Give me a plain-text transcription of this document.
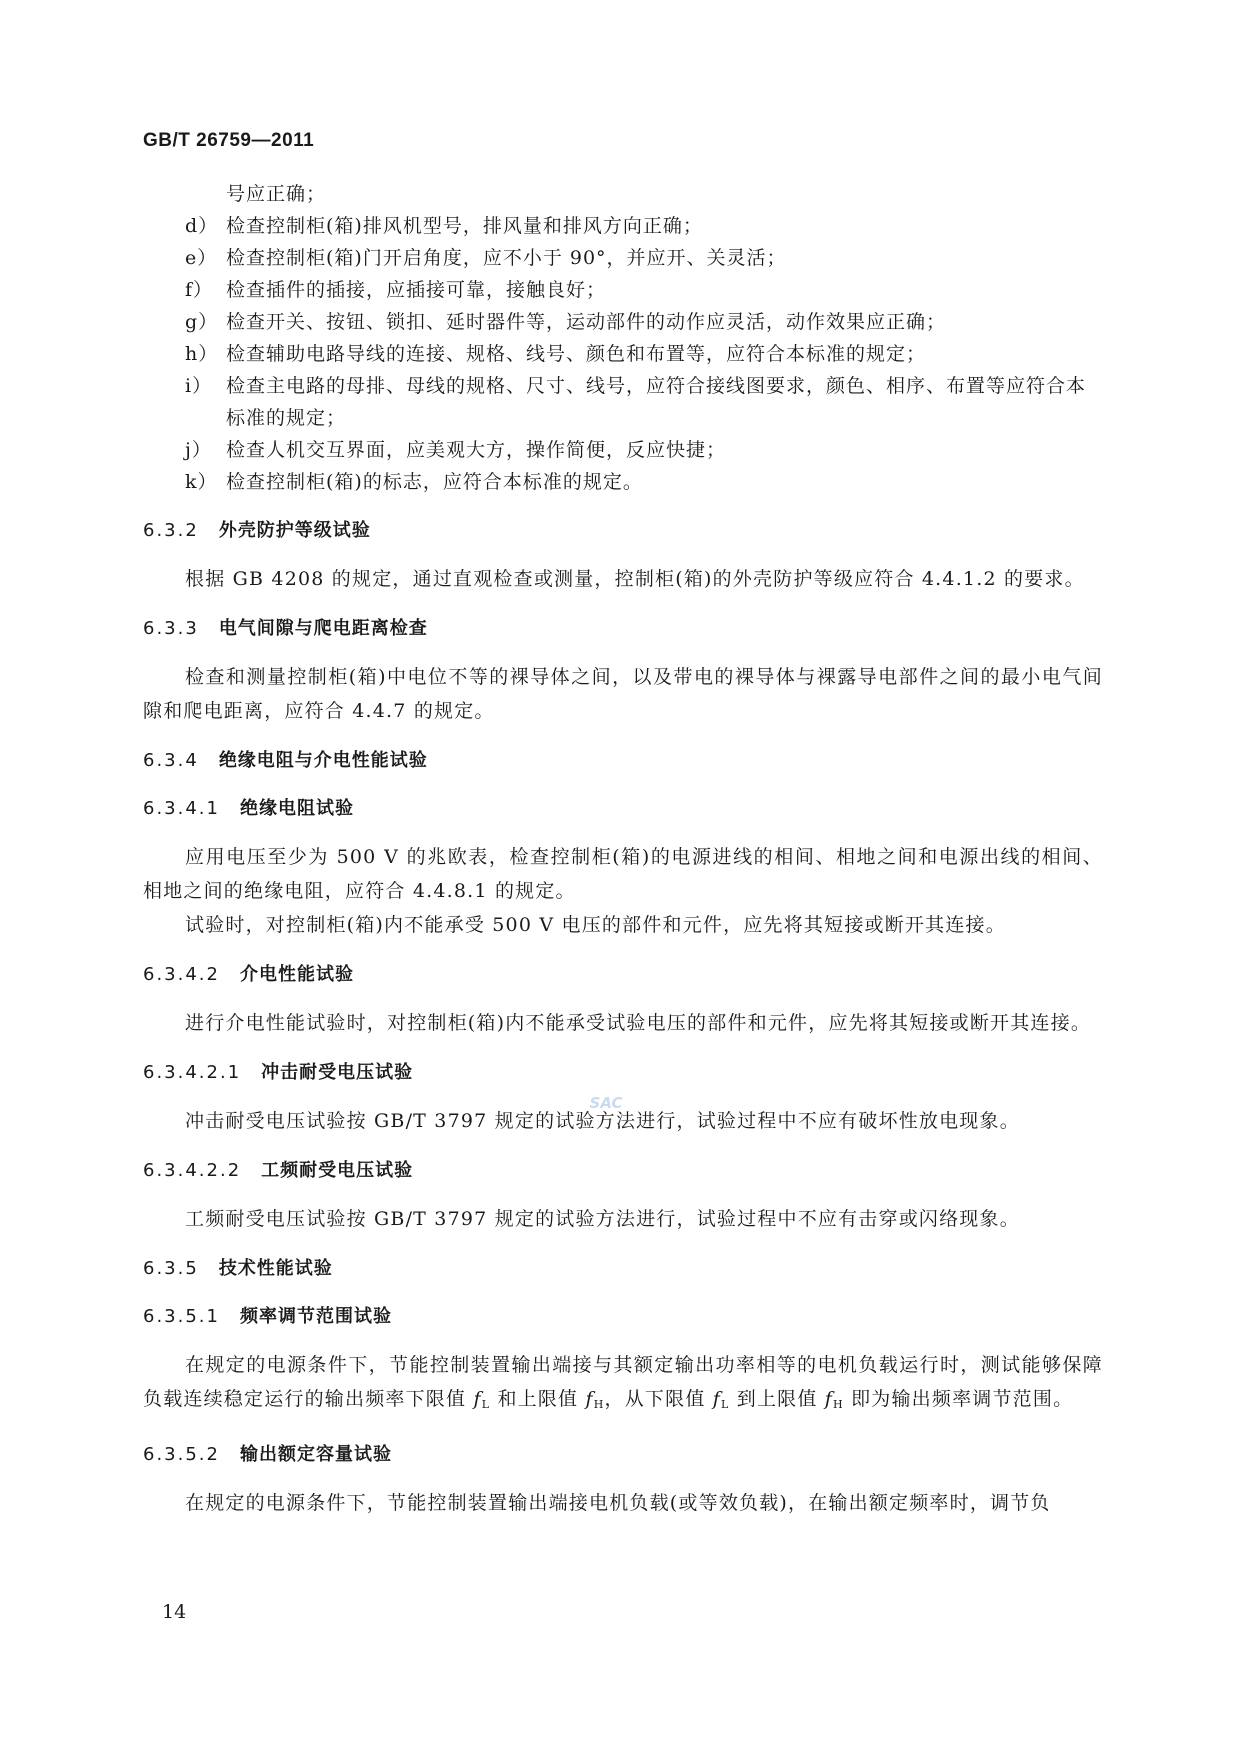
GB/T 26759—2011
号应正确；
d） 检查控制柜(箱)排风机型号，排风量和排风方向正确；
e） 检查控制柜(箱)门开启角度，应不小于 90°，并应开、关灵活；
f） 检查插件的插接，应插接可靠，接触良好；
g） 检查开关、按钮、锁扣、延时器件等，运动部件的动作应灵活，动作效果应正确；
h） 检查辅助电路导线的连接、规格、线号、颜色和布置等，应符合本标准的规定；
i） 检查主电路的母排、母线的规格、尺寸、线号，应符合接线图要求，颜色、相序、布置等应符合本标准的规定；
j） 检查人机交互界面，应美观大方，操作简便，反应快捷；
k） 检查控制柜(箱)的标志，应符合本标准的规定。
6.3.2 外壳防护等级试验

根据 GB 4208 的规定，通过直观检查或测量，控制柜(箱)的外壳防护等级应符合 4.4.1.2 的要求。

6.3.3 电气间隙与爬电距离检查

检查和测量控制柜(箱)中电位不等的裸导体之间，以及带电的裸导体与裸露导电部件之间的最小电气间隙和爬电距离，应符合 4.4.7 的规定。

6.3.4 绝缘电阻与介电性能试验
6.3.4.1 绝缘电阻试验

应用电压至少为 500 V 的兆欧表，检查控制柜(箱)的电源进线的相间、相地之间和电源出线的相间、相地之间的绝缘电阻，应符合 4.4.8.1 的规定。

试验时，对控制柜(箱)内不能承受 500 V 电压的部件和元件，应先将其短接或断开其连接。

6.3.4.2 介电性能试验

进行介电性能试验时，对控制柜(箱)内不能承受试验电压的部件和元件，应先将其短接或断开其连接。

6.3.4.2.1 冲击耐受电压试验

冲击耐受电压试验按 GB/T 3797 规定的试验方法进行，试验过程中不应有破坏性放电现象。

6.3.4.2.2 工频耐受电压试验

工频耐受电压试验按 GB/T 3797 规定的试验方法进行，试验过程中不应有击穿或闪络现象。

6.3.5 技术性能试验
6.3.5.1 频率调节范围试验

在规定的电源条件下，节能控制装置输出端接与其额定输出功率相等的电机负载运行时，测试能够保障负载连续稳定运行的输出频率下限值 fL 和上限值 fH，从下限值 fL 到上限值 fH 即为输出频率调节范围。

6.3.5.2 输出额定容量试验

在规定的电源条件下，节能控制装置输出端接电机负载(或等效负载)，在输出额定频率时，调节负

SAC
14
